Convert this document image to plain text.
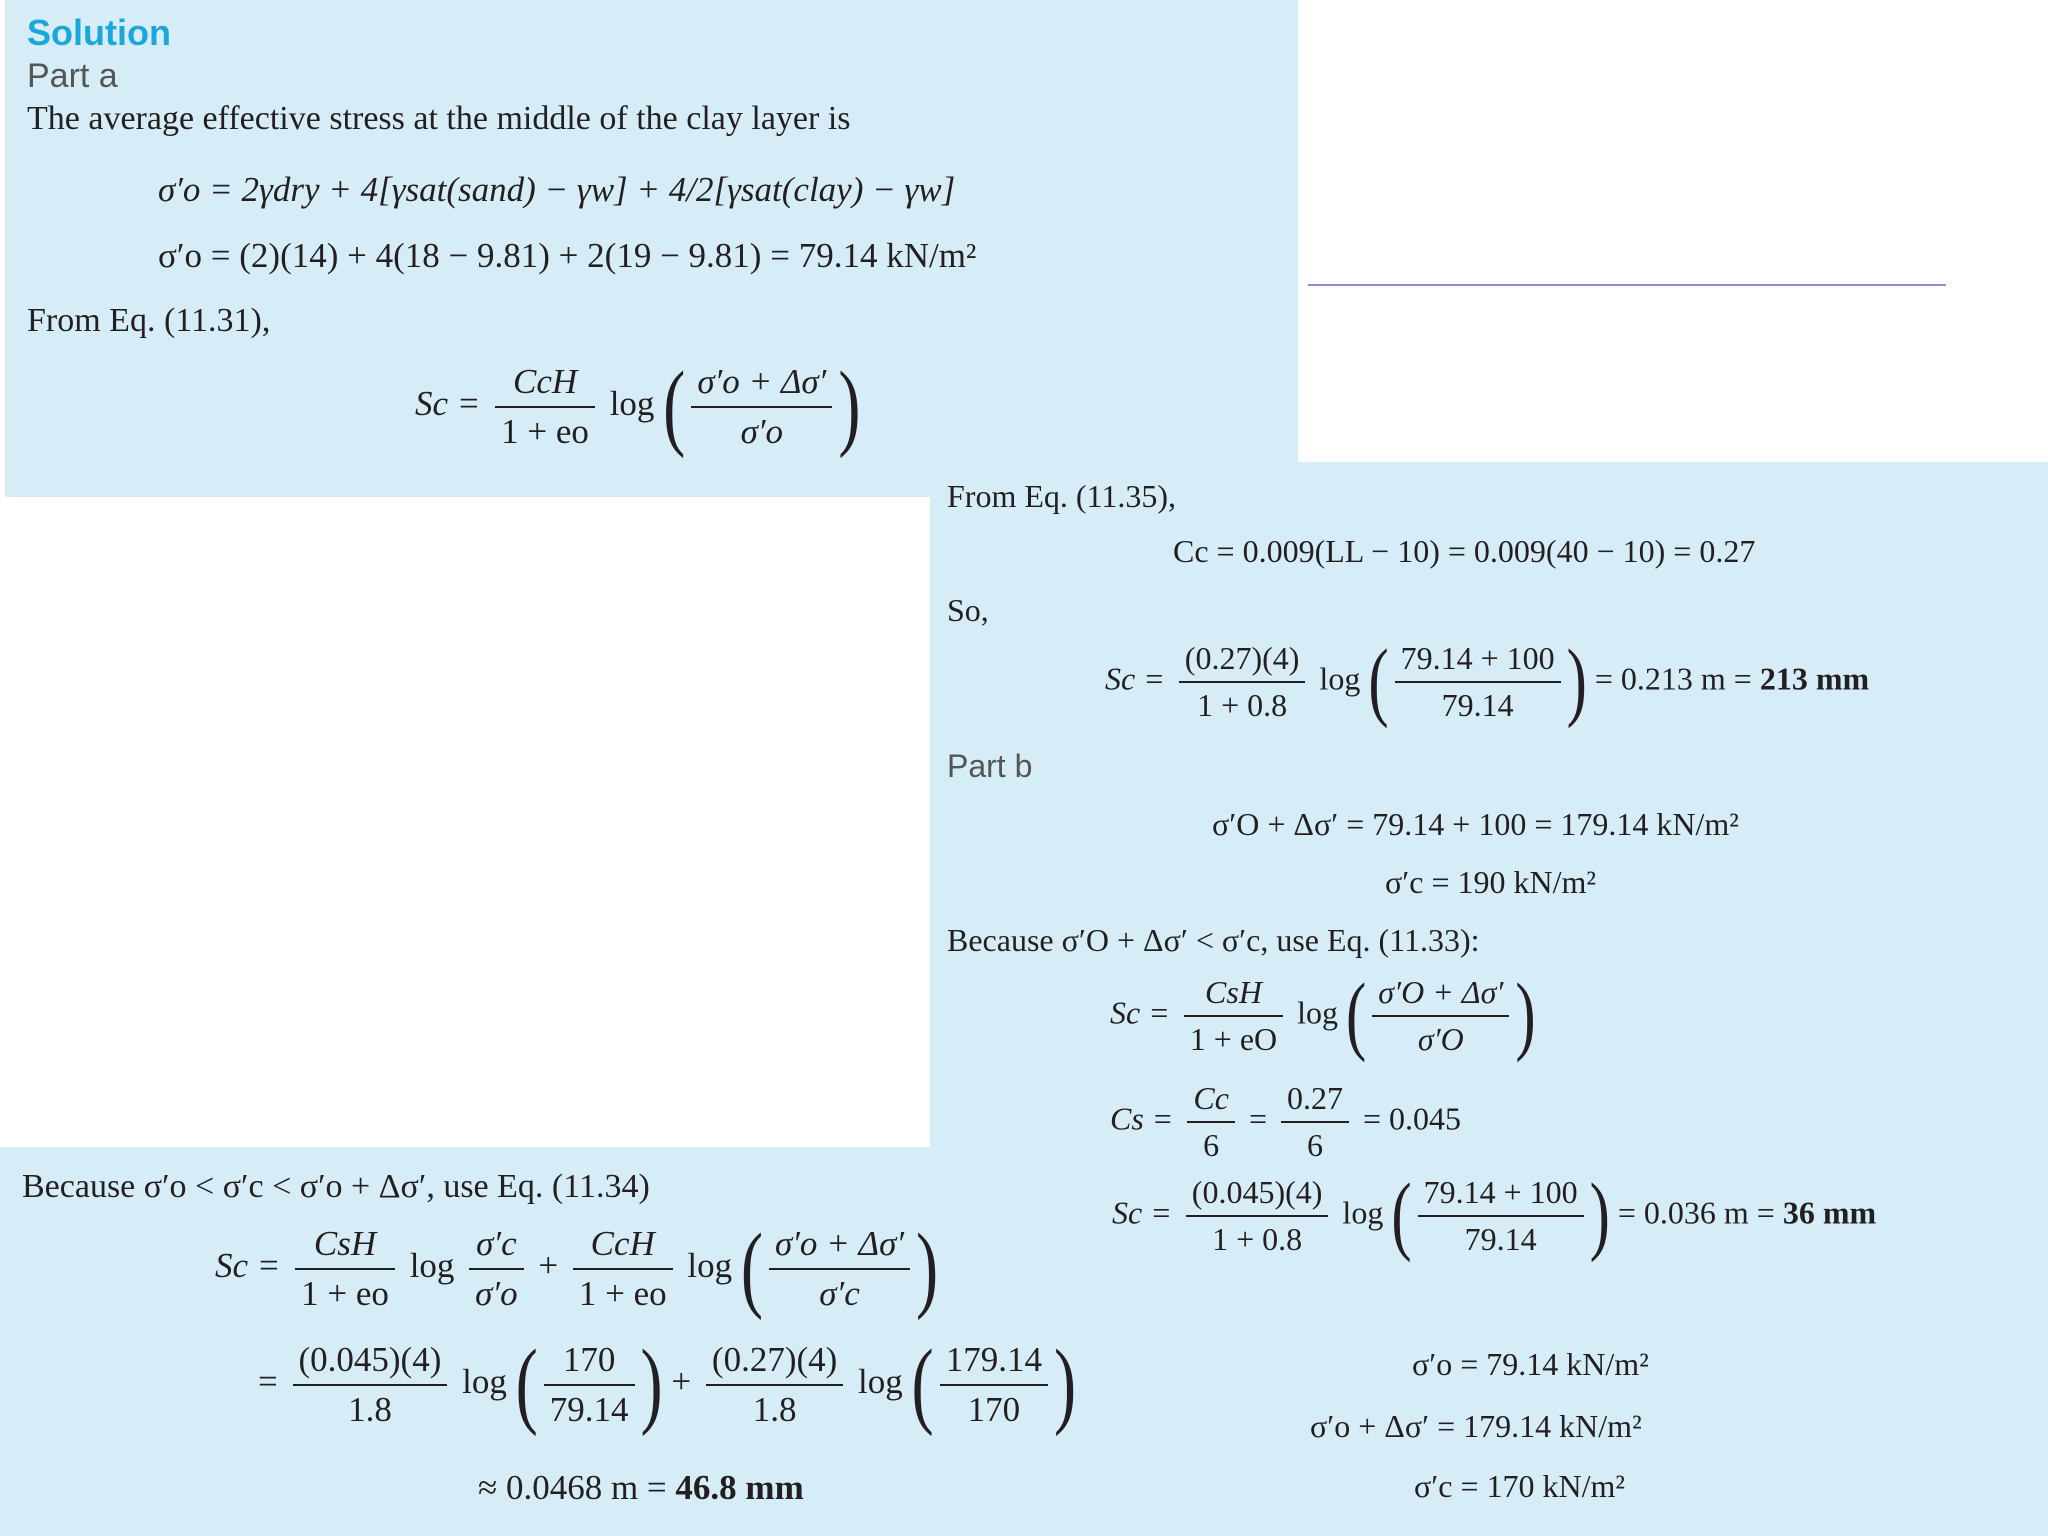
Solution
Part a
The average effective stress at the middle of the clay layer is
σ′o = 2γdry + 4[γsat(sand) − γw] + 4/2[γsat(clay) − γw]
σ′o = (2)(14) + 4(18 − 9.81) + 2(19 − 9.81) = 79.14 kN/m²
From Eq. (11.31),
$Sc = \frac{\text{CcH}}{1 + eo}$ log ( $\frac{\sigma'o + \Delta\sigma'}{\sigma'o}$ )
From Eq. (11.35),
Cc = 0.009(LL − 10) = 0.009(40 − 10) = 0.27
So,
$Sc = \frac{(0.27)(4)}{1 + 0.8}$ log ( $\frac{79.14 + 100}{79.14}$ ) = 0.213 m = 213 mm
Part b
σ′O + Δσ′ = 79.14 + 100 = 179.14 kN/m²
σ′c = 190 kN/m²
Because σ′O + Δσ′ < σ′c, use Eq. (11.33):
$Sc = \frac{\text{CsH}}{1 + eO}$ log ( $\frac{\sigma'O + \Delta\sigma'}{\sigma'O}$ )
$Cs = \frac{Cc}{6} = \frac{0.27}{6} = 0.045$
$Sc = \frac{(0.045)(4)}{1 + 0.8}$ log ( $\frac{79.14 + 100}{79.14}$ ) = 0.036 m = 36 mm
Because σ′o < σ′c < σ′o + Δσ′, use Eq. (11.34)
$Sc = \frac{\text{CsH}}{1 + eo}$ $\log \frac{\sigma'c}{\sigma'o} + \frac{\text{CcH}}{1 + eo}$ log ( $\frac{\sigma'o + \Delta\sigma'}{\sigma'c}$ )
= $\frac{(0.045)(4)}{1.8}$ log ( $\frac{170}{79.14}$ ) + $\frac{(0.27)(4)}{1.8}$ log ( $\frac{179.14}{170}$ )
≈ 0.0468 m = 46.8 mm
σ′o = 79.14 kN/m²
σ′o + Δσ′ = 179.14 kN/m²
σ′c = 170 kN/m²
